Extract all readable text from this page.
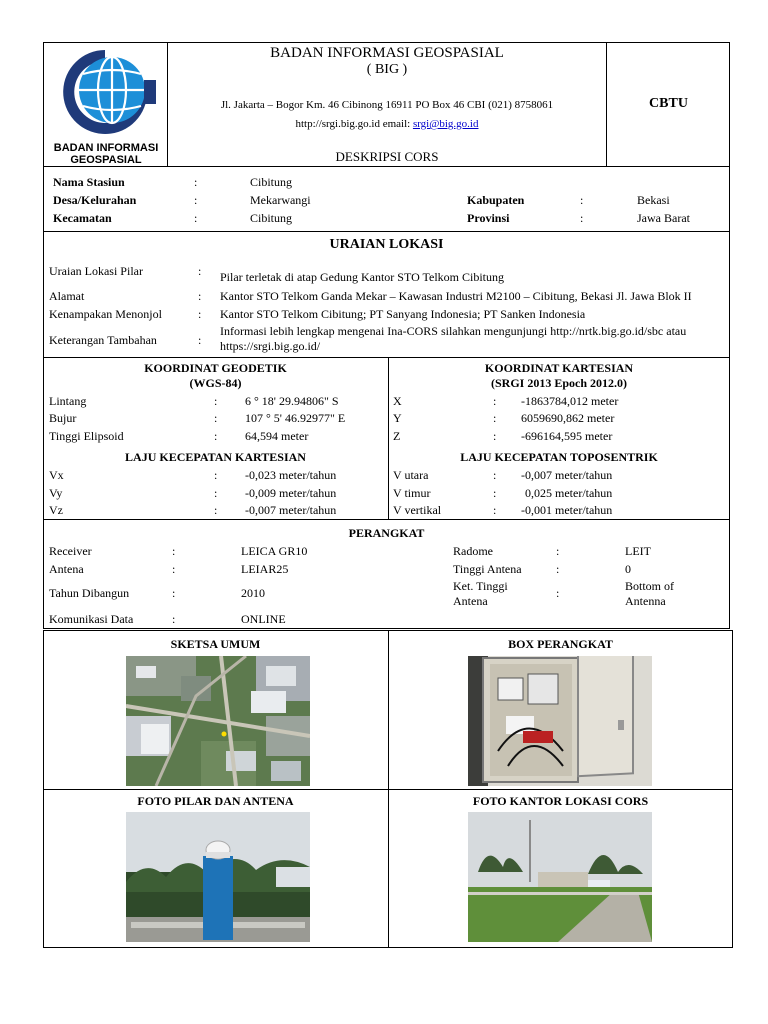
BADAN INFORMASI
GEOSPASIAL
BADAN INFORMASI GEOSPASIAL
( BIG )
Jl. Jakarta – Bogor Km. 46 Cibinong 16911 PO Box 46 CBI (021) 8758061
http://srgi.big.go.id email: srgi@big.go.id
DESKRIPSI CORS
CBTU
Nama Stasiun	:	Cibitung
Desa/Kelurahan	:	Mekarwangi
Kecamatan	:	Cibitung
Kabupaten	:	Bekasi
Provinsi	:	Jawa Barat
URAIAN LOKASI
Uraian Lokasi Pilar	: Pilar terletak di atap Gedung Kantor STO Telkom Cibitung
Alamat	: Kantor STO Telkom Ganda Mekar – Kawasan Industri M2100 – Cibitung, Bekasi Jl. Jawa Blok II
Kenampakan Menonjol	: Kantor STO Telkom Cibitung; PT Sanyang Indonesia; PT Sanken Indonesia
Keterangan Tambahan	:
Informasi lebih lengkap mengenai Ina-CORS silahkan mengunjungi http://nrtk.big.go.id/sbc atau
https://srgi.big.go.id/
KOORDINAT GEODETIK
(WGS-84)
KOORDINAT KARTESIAN
(SRGI 2013 Epoch 2012.0)
Lintang	: 6 ° 18' 29.94806" S
Bujur	: 107 ° 5' 46.92977" E
Tinggi Elipsoid	: 64,594 meter
X	: -1863784,012 meter
Y	: 6059690,862 meter
Z	: -696164,595 meter
LAJU KECEPATAN KARTESIAN	LAJU KECEPATAN TOPOSENTRIK
Vx	: -0,023 meter/tahun
Vy	: -0,009 meter/tahun
Vz	: -0,007 meter/tahun
V utara	: -0,007 meter/tahun
V timur	: 0,025 meter/tahun
V vertikal	: -0,001 meter/tahun
PERANGKAT
Receiver	:	LEICA GR10
Antena	:	LEIAR25
Tahun Dibangun	:	2010
Komunikasi Data	:	ONLINE
Radome	:	LEIT
Tinggi Antena	:	0
Ket. Tinggi
Antena
:	Bottom of
Antenna
SKETSA UMUM	BOX PERANGKAT
FOTO PILAR DAN ANTENA	FOTO KANTOR LOKASI CORS
